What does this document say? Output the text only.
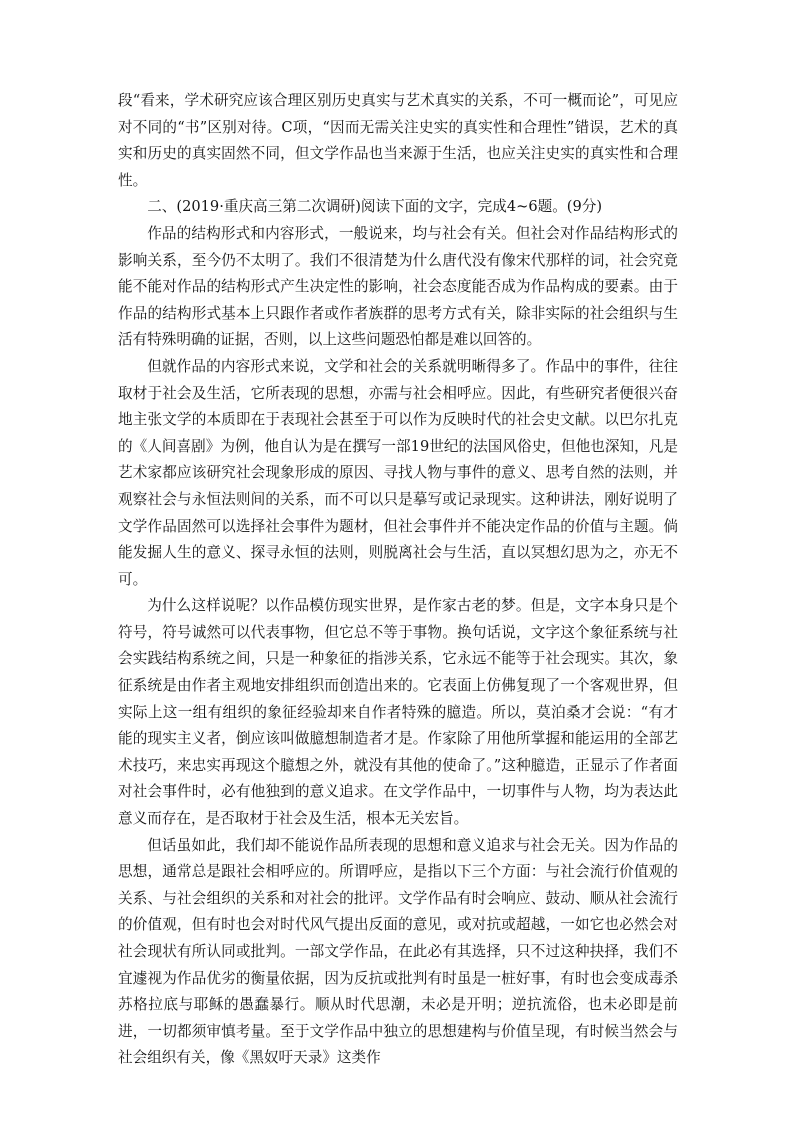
段“看来，学术研究应该合理区别历史真实与艺术真实的关系，不可一概而论”，可见应对不同的“书”区别对待。C项，“因而无需关注史实的真实性和合理性”错误，艺术的真实和历史的真实固然不同，但文学作品也当来源于生活，也应关注史实的真实性和合理性。

二、(2019·重庆高三第二次调研)阅读下面的文字，完成4~6题。(9分)

作品的结构形式和内容形式，一般说来，均与社会有关。但社会对作品结构形式的影响关系，至今仍不太明了。我们不很清楚为什么唐代没有像宋代那样的词，社会究竟能不能对作品的结构形式产生决定性的影响，社会态度能否成为作品构成的要素。由于作品的结构形式基本上只跟作者或作者族群的思考方式有关，除非实际的社会组织与生活有特殊明确的证据，否则，以上这些问题恐怕都是难以回答的。

但就作品的内容形式来说，文学和社会的关系就明晰得多了。作品中的事件，往往取材于社会及生活，它所表现的思想，亦需与社会相呼应。因此，有些研究者便很兴奋地主张文学的本质即在于表现社会甚至于可以作为反映时代的社会史文献。以巴尔扎克的《人间喜剧》为例，他自认为是在撰写一部19世纪的法国风俗史，但他也深知，凡是艺术家都应该研究社会现象形成的原因、寻找人物与事件的意义、思考自然的法则，并观察社会与永恒法则间的关系，而不可以只是摹写或记录现实。这种讲法，刚好说明了文学作品固然可以选择社会事件为题材，但社会事件并不能决定作品的价值与主题。倘能发掘人生的意义、探寻永恒的法则，则脱离社会与生活，直以冥想幻思为之，亦无不可。

为什么这样说呢？以作品模仿现实世界，是作家古老的梦。但是，文字本身只是个符号，符号诚然可以代表事物，但它总不等于事物。换句话说，文字这个象征系统与社会实践结构系统之间，只是一种象征的指涉关系，它永远不能等于社会现实。其次，象征系统是由作者主观地安排组织而创造出来的。它表面上仿佛复现了一个客观世界，但实际上这一组有组织的象征经验却来自作者特殊的臆造。所以，莫泊桑才会说：“有才能的现实主义者，倒应该叫做臆想制造者才是。作家除了用他所掌握和能运用的全部艺术技巧，来忠实再现这个臆想之外，就没有其他的使命了。”这种臆造，正显示了作者面对社会事件时，必有他独到的意义追求。在文学作品中，一切事件与人物，均为表达此意义而存在，是否取材于社会及生活，根本无关宏旨。

但话虽如此，我们却不能说作品所表现的思想和意义追求与社会无关。因为作品的思想，通常总是跟社会相呼应的。所谓呼应，是指以下三个方面：与社会流行价值观的关系、与社会组织的关系和对社会的批评。文学作品有时会响应、鼓动、顺从社会流行的价值观，但有时也会对时代风气提出反面的意见，或对抗或超越，一如它也必然会对社会现状有所认同或批判。一部文学作品，在此必有其选择，只不过这种抉择，我们不宜遽视为作品优劣的衡量依据，因为反抗或批判有时虽是一桩好事，有时也会变成毒杀苏格拉底与耶稣的愚蠢暴行。顺从时代思潮，未必是开明；逆抗流俗，也未必即是前进，一切都须审慎考量。至于文学作品中独立的思想建构与价值呈现，有时候当然会与社会组织有关，像《黑奴吁天录》这类作
